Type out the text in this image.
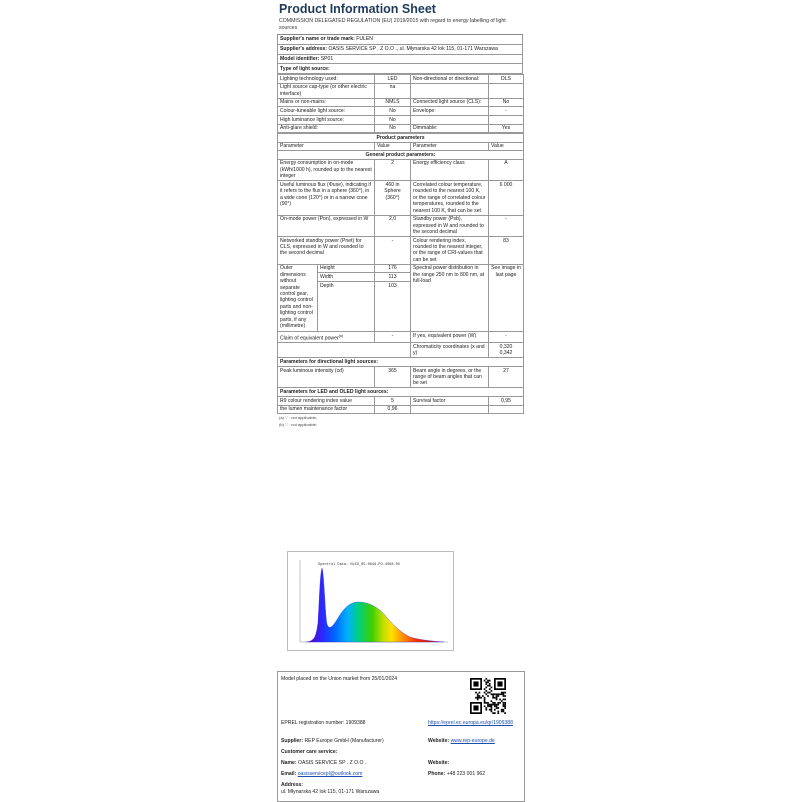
Product Information Sheet
COMMISSION DELEGATED REGULATION (EU) 2019/2015 with regard to energy labelling of light sources
Supplier's name or trade mark: FULEN
Supplier's address: OASIS SERVICE SP . Z O.O ., ul. Młynarska 42 lok 115, 01-171 Warszawa
Model identifier: SP01
Type of light source:
Lighting technology used:	LED	Non-directional or directional:	DLS
Light source cap-type (or other electric interface)	na		
Mains or non-mains:	NMLS	Connected light source (CLS):	No
Colour-tuneable light source:	No	Envelope:	-
High luminance light source:	No		
Anti-glare shield:	No	Dimmable:	Yes
Product parameters				
Parameter		Value	Parameter	Value
General product parameters:				
Energy consumption in on-mode (kWh/1000 h), rounded up to the nearest integer		2	Energy efficiency class	A
Useful luminous flux (Φuse), indicating if it refers to the flux in a sphere (360°), in a wide cone (120°) or in a narrow cone (90°)		460 in Sphere (360°)	Correlated colour temperature, rounded to the nearest 100 K, or the range of correlated colour temperatures, rounded to the nearest 100 K, that can be set	6 000
On-mode power (Pon), expressed in W		2,0	Standby power (Psb), expressed in W and rounded to the second decimal	-
Networked standby power (Pnet) for CLS, expressed in W and rounded to the second decimal		-	Colour rendering index, rounded to the nearest integer, or the range of CRI-values that can be set	83
Outer dimensions without separate control gear, lighting control parts and non-lighting control parts, if any (millimetre)	Height	176	Spectral power distribution in the range 250 nm to 800 nm, at full-load	See image in last page
	Width	113		
	Depth	103		
Claim of equivalent power$^{(a)}$		-	If yes, equivalent power (W)	-
			Chromaticity coordinates (x and y)	0,320
0,342

Parameters for directional light sources:				
Peak luminous intensity (cd)		365	Beam angle in degrees, or the range of beam angles that can be set	27
Parameters for LED and OLED light sources:				
R9 colour rendering index value		5	Survival factor	0,95
the lumen maintenance factor		0,96		
(a) '-' : not applicable;
(b) '-' : not applicable;
Spectral Data: NLED_05-0649-PO-4S68.05
.
Model placed on the Union market from 25/01/2024
EPREL registration number: 1909388	https://eprel.ec.europa.eu/qr/1909388
Supplier: REP Europe GmbH (Manufacturer)	Website: www.rep-europe.de
Customer care service:
Name: OASIS SERVICE SP . Z O.O .	Website:
Email: oasisservicepl@outlook.com	Phone: +48 223 001 962
Address:
ul. Młynarska 42 lok 115, 01-171 Warszawa
